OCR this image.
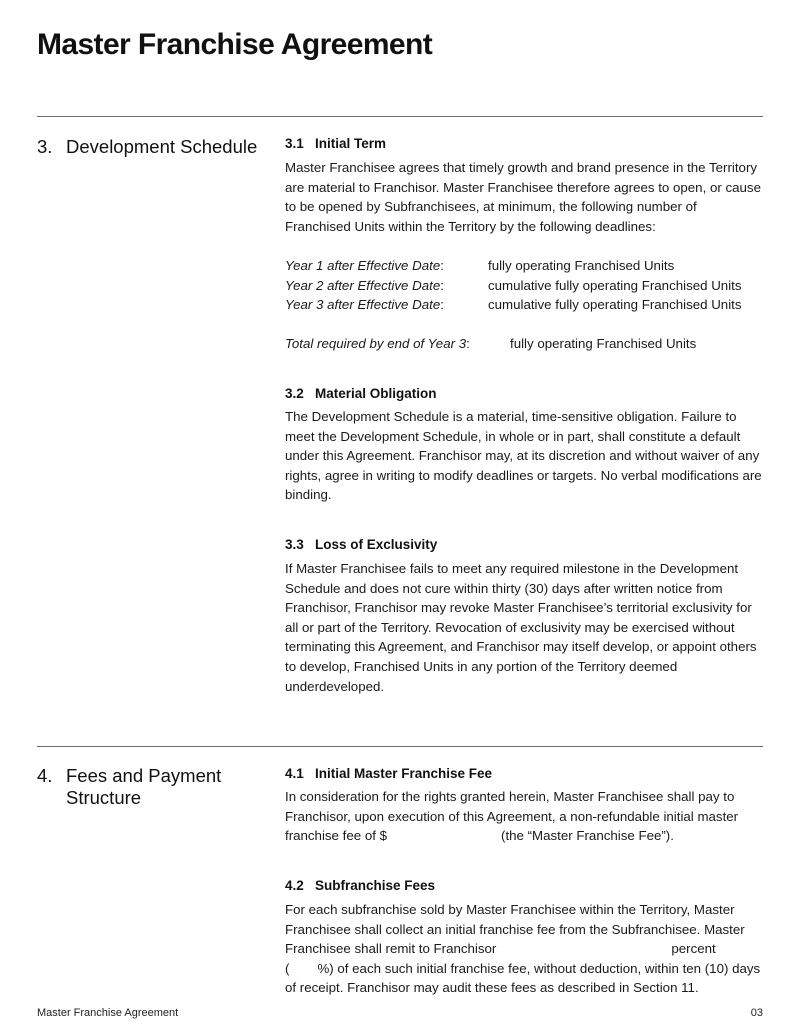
Master Franchise Agreement
3. Development Schedule	3.1 Initial Term

Master Franchisee agrees that timely growth and brand presence in the Territory are material to Franchisor. Master Franchisee therefore agrees to open, or cause to be opened by Subfranchisees, at minimum, the following number of Franchised Units within the Territory by the following deadlines:

Year 1 after Effective Date:	fully operating Franchised Units
Year 2 after Effective Date:	cumulative fully operating Franchised Units
Year 3 after Effective Date:	cumulative fully operating Franchised Units
Total required by end of Year 3:	fully operating Franchised Units
3.2 Material Obligation

The Development Schedule is a material, time-sensitive obligation. Failure to meet the Development Schedule, in whole or in part, shall constitute a default under this Agreement. Franchisor may, at its discretion and without waiver of any rights, agree in writing to modify deadlines or targets. No verbal modifications are binding.

3.3 Loss of Exclusivity

If Master Franchisee fails to meet any required milestone in the Development Schedule and does not cure within thirty (30) days after written notice from Franchisor, Franchisor may revoke Master Franchisee’s territorial exclusivity for all or part of the Territory. Revocation of exclusivity may be exercised without terminating this Agreement, and Franchisor may itself develop, or appoint others to develop, Franchised Units in any portion of the Territory deemed underdeveloped.

4. Fees and Payment Structure
4.1 Initial Master Franchise Fee

In consideration for the rights granted herein, Master Franchisee shall pay to Franchisor, upon execution of this Agreement, a non-refundable initial master franchise fee of $	(the “Master Franchise Fee”).

4.2 Subfranchise Fees

For each subfranchise sold by Master Franchisee within the Territory, Master Franchisee shall collect an initial franchise fee from the Subfranchisee. Master Franchisee shall remit to Franchisor	percent
( %) of each such initial franchise fee, without deduction, within ten (10) days of receipt. Franchisor may audit these fees as described in Section 11.

Master Franchise Agreement	03
